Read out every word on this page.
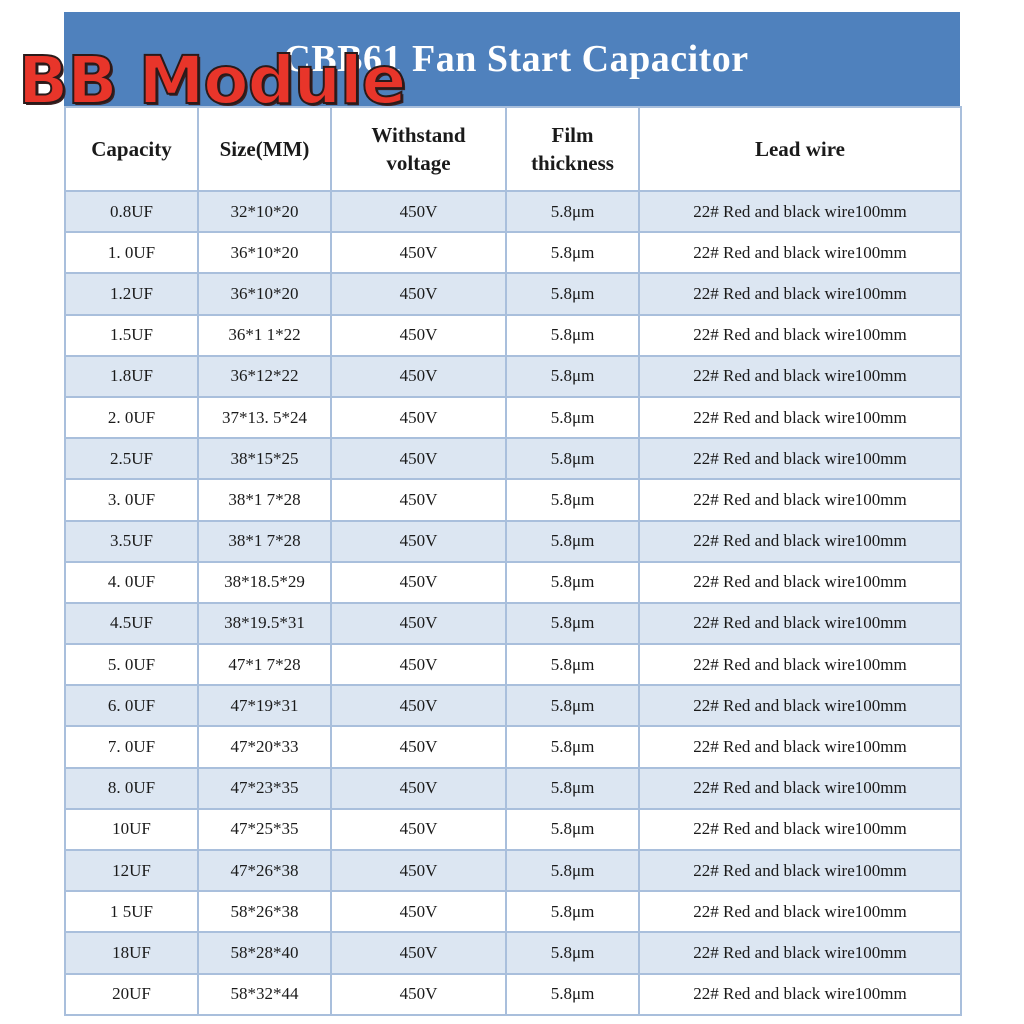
CBB61 Fan Start Capacitor
Capacity	Size(MM)	Withstand voltage	Film thickness	Lead wire
0.8UF	32*10*20	450V	5.8μm	22# Red and black wire100mm
1. 0UF	36*10*20	450V	5.8μm	22# Red and black wire100mm
1.2UF	36*10*20	450V	5.8μm	22# Red and black wire100mm
1.5UF	36*1 1*22	450V	5.8μm	22# Red and black wire100mm
1.8UF	36*12*22	450V	5.8μm	22# Red and black wire100mm
2. 0UF	37*13. 5*24	450V	5.8μm	22# Red and black wire100mm
2.5UF	38*15*25	450V	5.8μm	22# Red and black wire100mm
3. 0UF	38*1 7*28	450V	5.8μm	22# Red and black wire100mm
3.5UF	38*1 7*28	450V	5.8μm	22# Red and black wire100mm
4. 0UF	38*18.5*29	450V	5.8μm	22# Red and black wire100mm
4.5UF	38*19.5*31	450V	5.8μm	22# Red and black wire100mm
5. 0UF	47*1 7*28	450V	5.8μm	22# Red and black wire100mm
6. 0UF	47*19*31	450V	5.8μm	22# Red and black wire100mm
7. 0UF	47*20*33	450V	5.8μm	22# Red and black wire100mm
8. 0UF	47*23*35	450V	5.8μm	22# Red and black wire100mm
10UF	47*25*35	450V	5.8μm	22# Red and black wire100mm
12UF	47*26*38	450V	5.8μm	22# Red and black wire100mm
1 5UF	58*26*38	450V	5.8μm	22# Red and black wire100mm
18UF	58*28*40	450V	5.8μm	22# Red and black wire100mm
20UF	58*32*44	450V	5.8μm	22# Red and black wire100mm
BB Module
